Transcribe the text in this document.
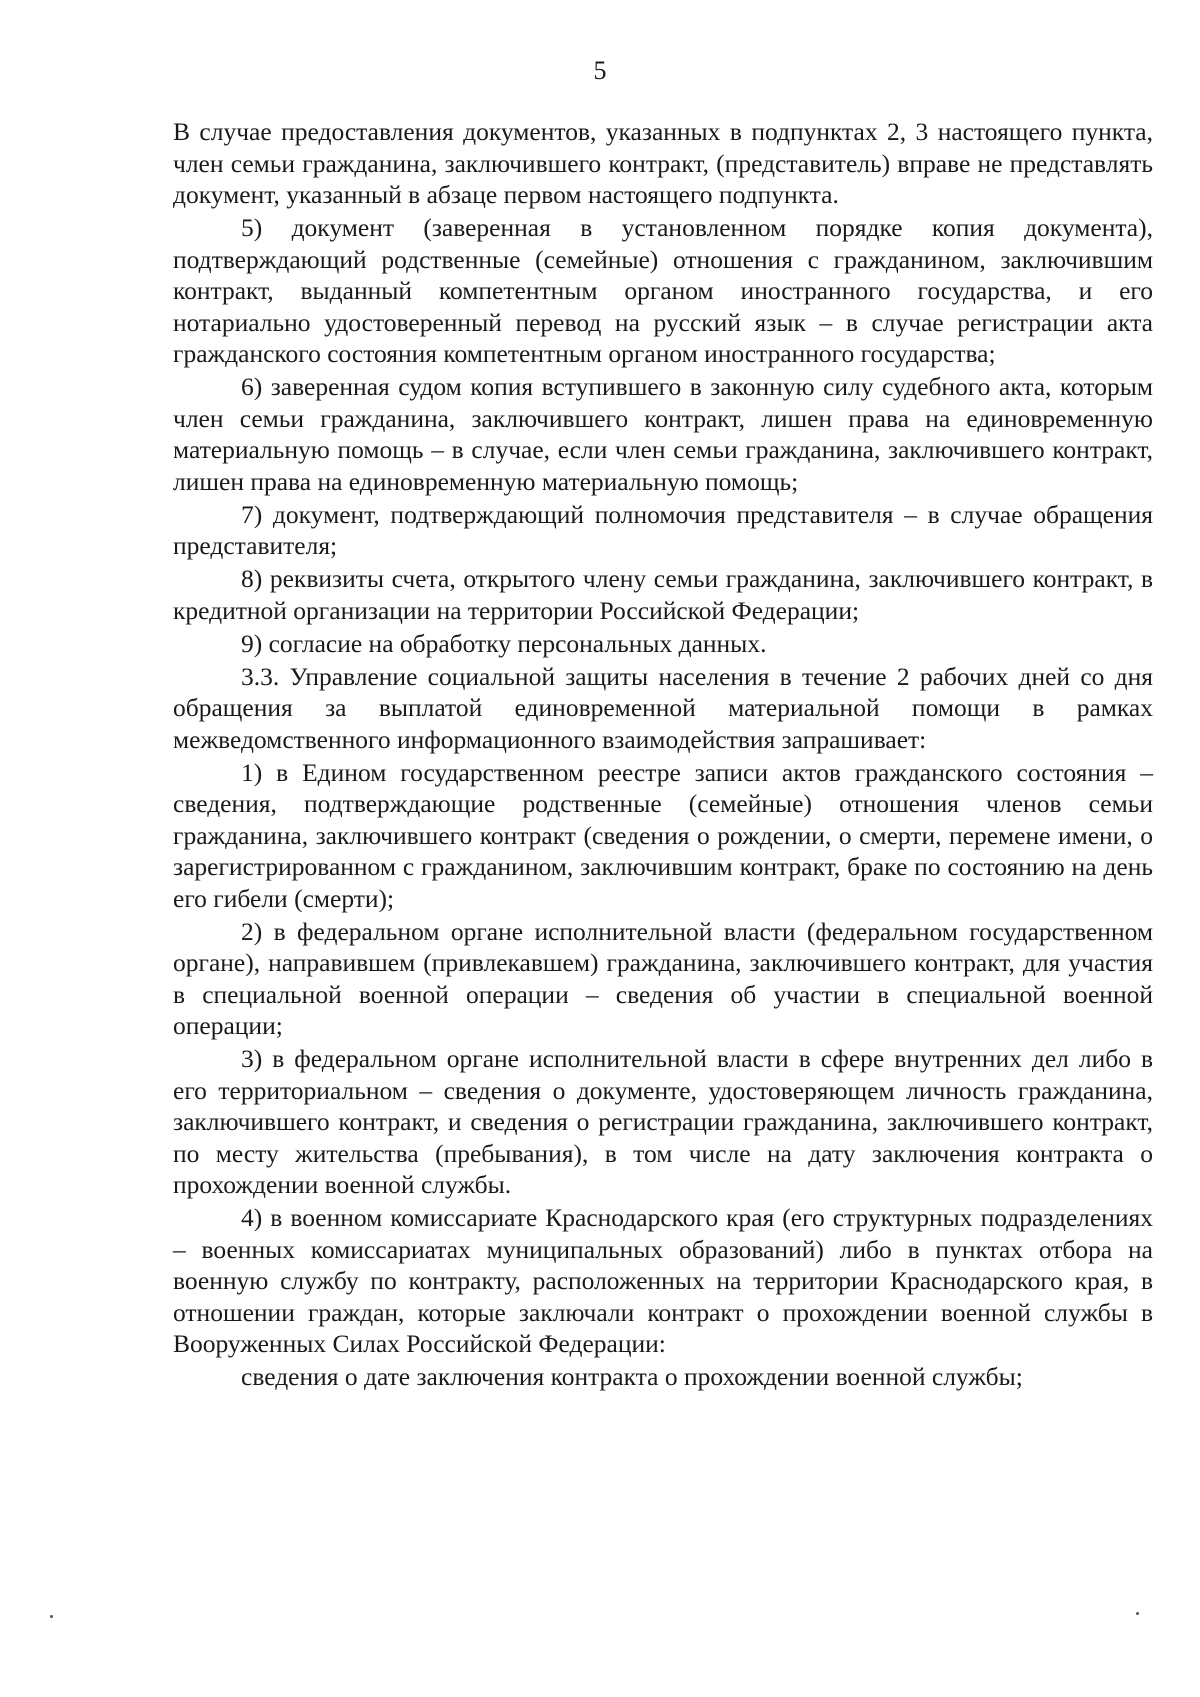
5

В случае предоставления документов, указанных в подпунктах 2, 3 настоящего пункта, член семьи гражданина, заключившего контракт, (представитель) вправе не представлять документ, указанный в абзаце первом настоящего подпункта.

5) документ (заверенная в установленном порядке копия документа), подтверждающий родственные (семейные) отношения с гражданином, заключившим контракт, выданный компетентным органом иностранного государства, и его нотариально удостоверенный перевод на русский язык – в случае регистрации акта гражданского состояния компетентным органом иностранного государства;

6) заверенная судом копия вступившего в законную силу судебного акта, которым член семьи гражданина, заключившего контракт, лишен права на единовременную материальную помощь – в случае, если член семьи гражданина, заключившего контракт, лишен права на единовременную материальную помощь;

7) документ, подтверждающий полномочия представителя – в случае обращения представителя;

8) реквизиты счета, открытого члену семьи гражданина, заключившего контракт, в кредитной организации на территории Российской Федерации;

9) согласие на обработку персональных данных.

3.3. Управление социальной защиты населения в течение 2 рабочих дней со дня обращения за выплатой единовременной материальной помощи в рамках межведомственного информационного взаимодействия запрашивает:

1) в Едином государственном реестре записи актов гражданского состояния – сведения, подтверждающие родственные (семейные) отношения членов семьи гражданина, заключившего контракт (сведения о рождении, о смерти, перемене имени, о зарегистрированном с гражданином, заключившим контракт, браке по состоянию на день его гибели (смерти);

2) в федеральном органе исполнительной власти (федеральном государственном органе), направившем (привлекавшем) гражданина, заключившего контракт, для участия в специальной военной операции – сведения об участии в специальной военной операции;

3) в федеральном органе исполнительной власти в сфере внутренних дел либо в его территориальном – сведения о документе, удостоверяющем личность гражданина, заключившего контракт, и сведения о регистрации гражданина, заключившего контракт, по месту жительства (пребывания), в том числе на дату заключения контракта о прохождении военной службы.

4) в военном комиссариате Краснодарского края (его структурных подразделениях – военных комиссариатах муниципальных образований) либо в пунктах отбора на военную службу по контракту, расположенных на территории Краснодарского края, в отношении граждан, которые заключали контракт о прохождении военной службы в Вооруженных Силах Российской Федерации:

сведения о дате заключения контракта о прохождении военной службы;
